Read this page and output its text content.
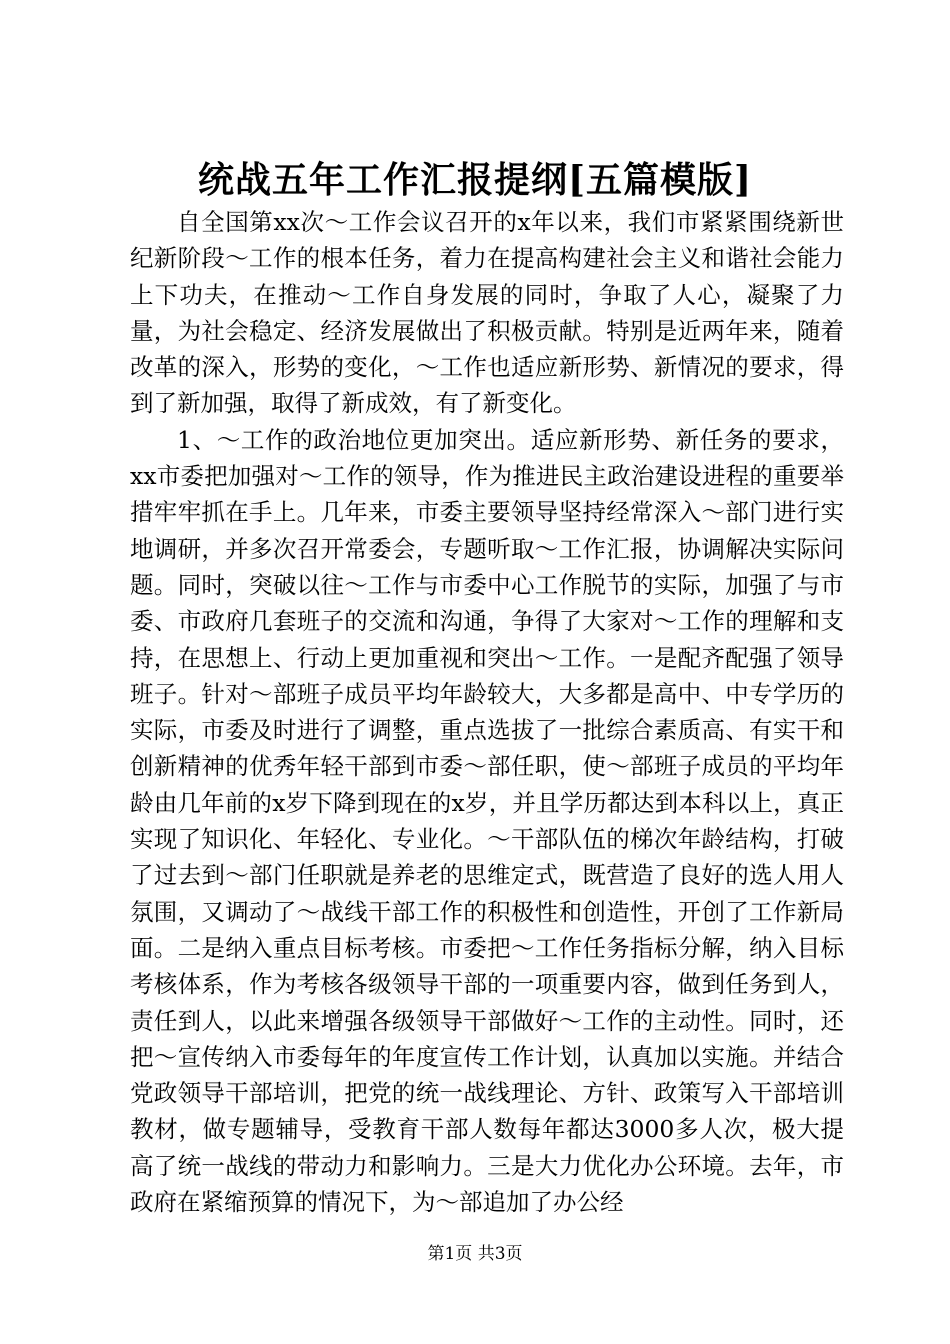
统战五年工作汇报提纲[五篇模版]

自全国第xx次～工作会议召开的x年以来，我们市紧紧围绕新世纪新阶段～工作的根本任务，着力在提高构建社会主义和谐社会能力上下功夫，在推动～工作自身发展的同时，争取了人心，凝聚了力量，为社会稳定、经济发展做出了积极贡献。特别是近两年来，随着改革的深入，形势的变化，～工作也适应新形势、新情况的要求，得到了新加强，取得了新成效，有了新变化。

1、～工作的政治地位更加突出。适应新形势、新任务的要求，xx市委把加强对～工作的领导，作为推进民主政治建设进程的重要举措牢牢抓在手上。几年来，市委主要领导坚持经常深入～部门进行实地调研，并多次召开常委会，专题听取～工作汇报，协调解决实际问题。同时，突破以往～工作与市委中心工作脱节的实际，加强了与市委、市政府几套班子的交流和沟通，争得了大家对～工作的理解和支持，在思想上、行动上更加重视和突出～工作。一是配齐配强了领导班子。针对～部班子成员平均年龄较大，大多都是高中、中专学历的实际，市委及时进行了调整，重点选拔了一批综合素质高、有实干和创新精神的优秀年轻干部到市委～部任职，使～部班子成员的平均年龄由几年前的x岁下降到现在的x岁，并且学历都达到本科以上，真正实现了知识化、年轻化、专业化。～干部队伍的梯次年龄结构，打破了过去到～部门任职就是养老的思维定式，既营造了良好的选人用人氛围，又调动了～战线干部工作的积极性和创造性，开创了工作新局面。二是纳入重点目标考核。市委把～工作任务指标分解，纳入目标考核体系，作为考核各级领导干部的一项重要内容，做到任务到人，责任到人，以此来增强各级领导干部做好～工作的主动性。同时，还把～宣传纳入市委每年的年度宣传工作计划，认真加以实施。并结合党政领导干部培训，把党的统一战线理论、方针、政策写入干部培训教材，做专题辅导，受教育干部人数每年都达3000多人次，极大提高了统一战线的带动力和影响力。三是大力优化办公环境。去年，市政府在紧缩预算的情况下，为～部追加了办公经

第1页 共3页
